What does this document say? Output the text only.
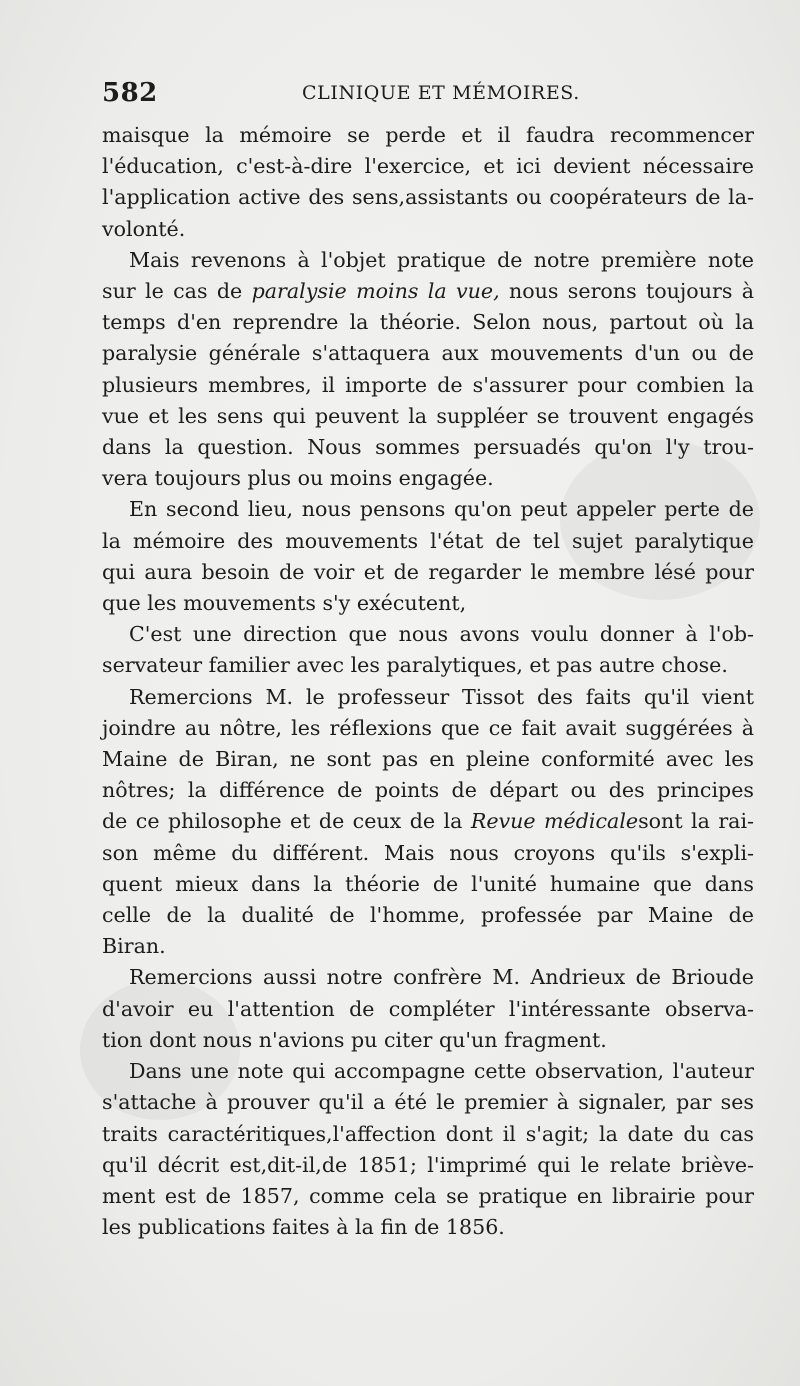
582	CLINIQUE ET MÉMOIRES.

maisque la mémoire se perde et il faudra recommencer
l'éducation, c'est-à-dire l'exercice, et ici devient nécessaire
l'application active des sens,assistants ou coopérateurs de la-
volonté.

Mais revenons à l'objet pratique de notre première note
sur le cas de paralysie moins la vue, nous serons toujours à
temps d'en reprendre la théorie. Selon nous, partout où la
paralysie générale s'attaquera aux mouvements d'un ou de
plusieurs membres, il importe de s'assurer pour combien la
vue et les sens qui peuvent la suppléer se trouvent engagés
dans la question. Nous sommes persuadés qu'on l'y trou-
vera toujours plus ou moins engagée.

En second lieu, nous pensons qu'on peut appeler perte de
la mémoire des mouvements l'état de tel sujet paralytique
qui aura besoin de voir et de regarder le membre lésé pour
que les mouvements s'y exécutent,

C'est une direction que nous avons voulu donner à l'ob-
servateur familier avec les paralytiques, et pas autre chose.

Remercions M. le professeur Tissot des faits qu'il vient
joindre au nôtre, les réflexions que ce fait avait suggérées à
Maine de Biran, ne sont pas en pleine conformité avec les
nôtres; la différence de points de départ ou des principes
de ce philosophe et de ceux de la Revue médicalesont la rai-
son même du différent. Mais nous croyons qu'ils s'expli-
quent mieux dans la théorie de l'unité humaine que dans
celle de la dualité de l'homme, professée par Maine de
Biran.

Remercions aussi notre confrère M. Andrieux de Brioude
d'avoir eu l'attention de compléter l'intéressante observa-
tion dont nous n'avions pu citer qu'un fragment.

Dans une note qui accompagne cette observation, l'auteur
s'attache à prouver qu'il a été le premier à signaler, par ses
traits caractéritiques,l'affection dont il s'agit; la date du cas
qu'il décrit est,dit-il,de 1851; l'imprimé qui le relate briève-
ment est de 1857, comme cela se pratique en librairie pour
les publications faites à la fin de 1856.
